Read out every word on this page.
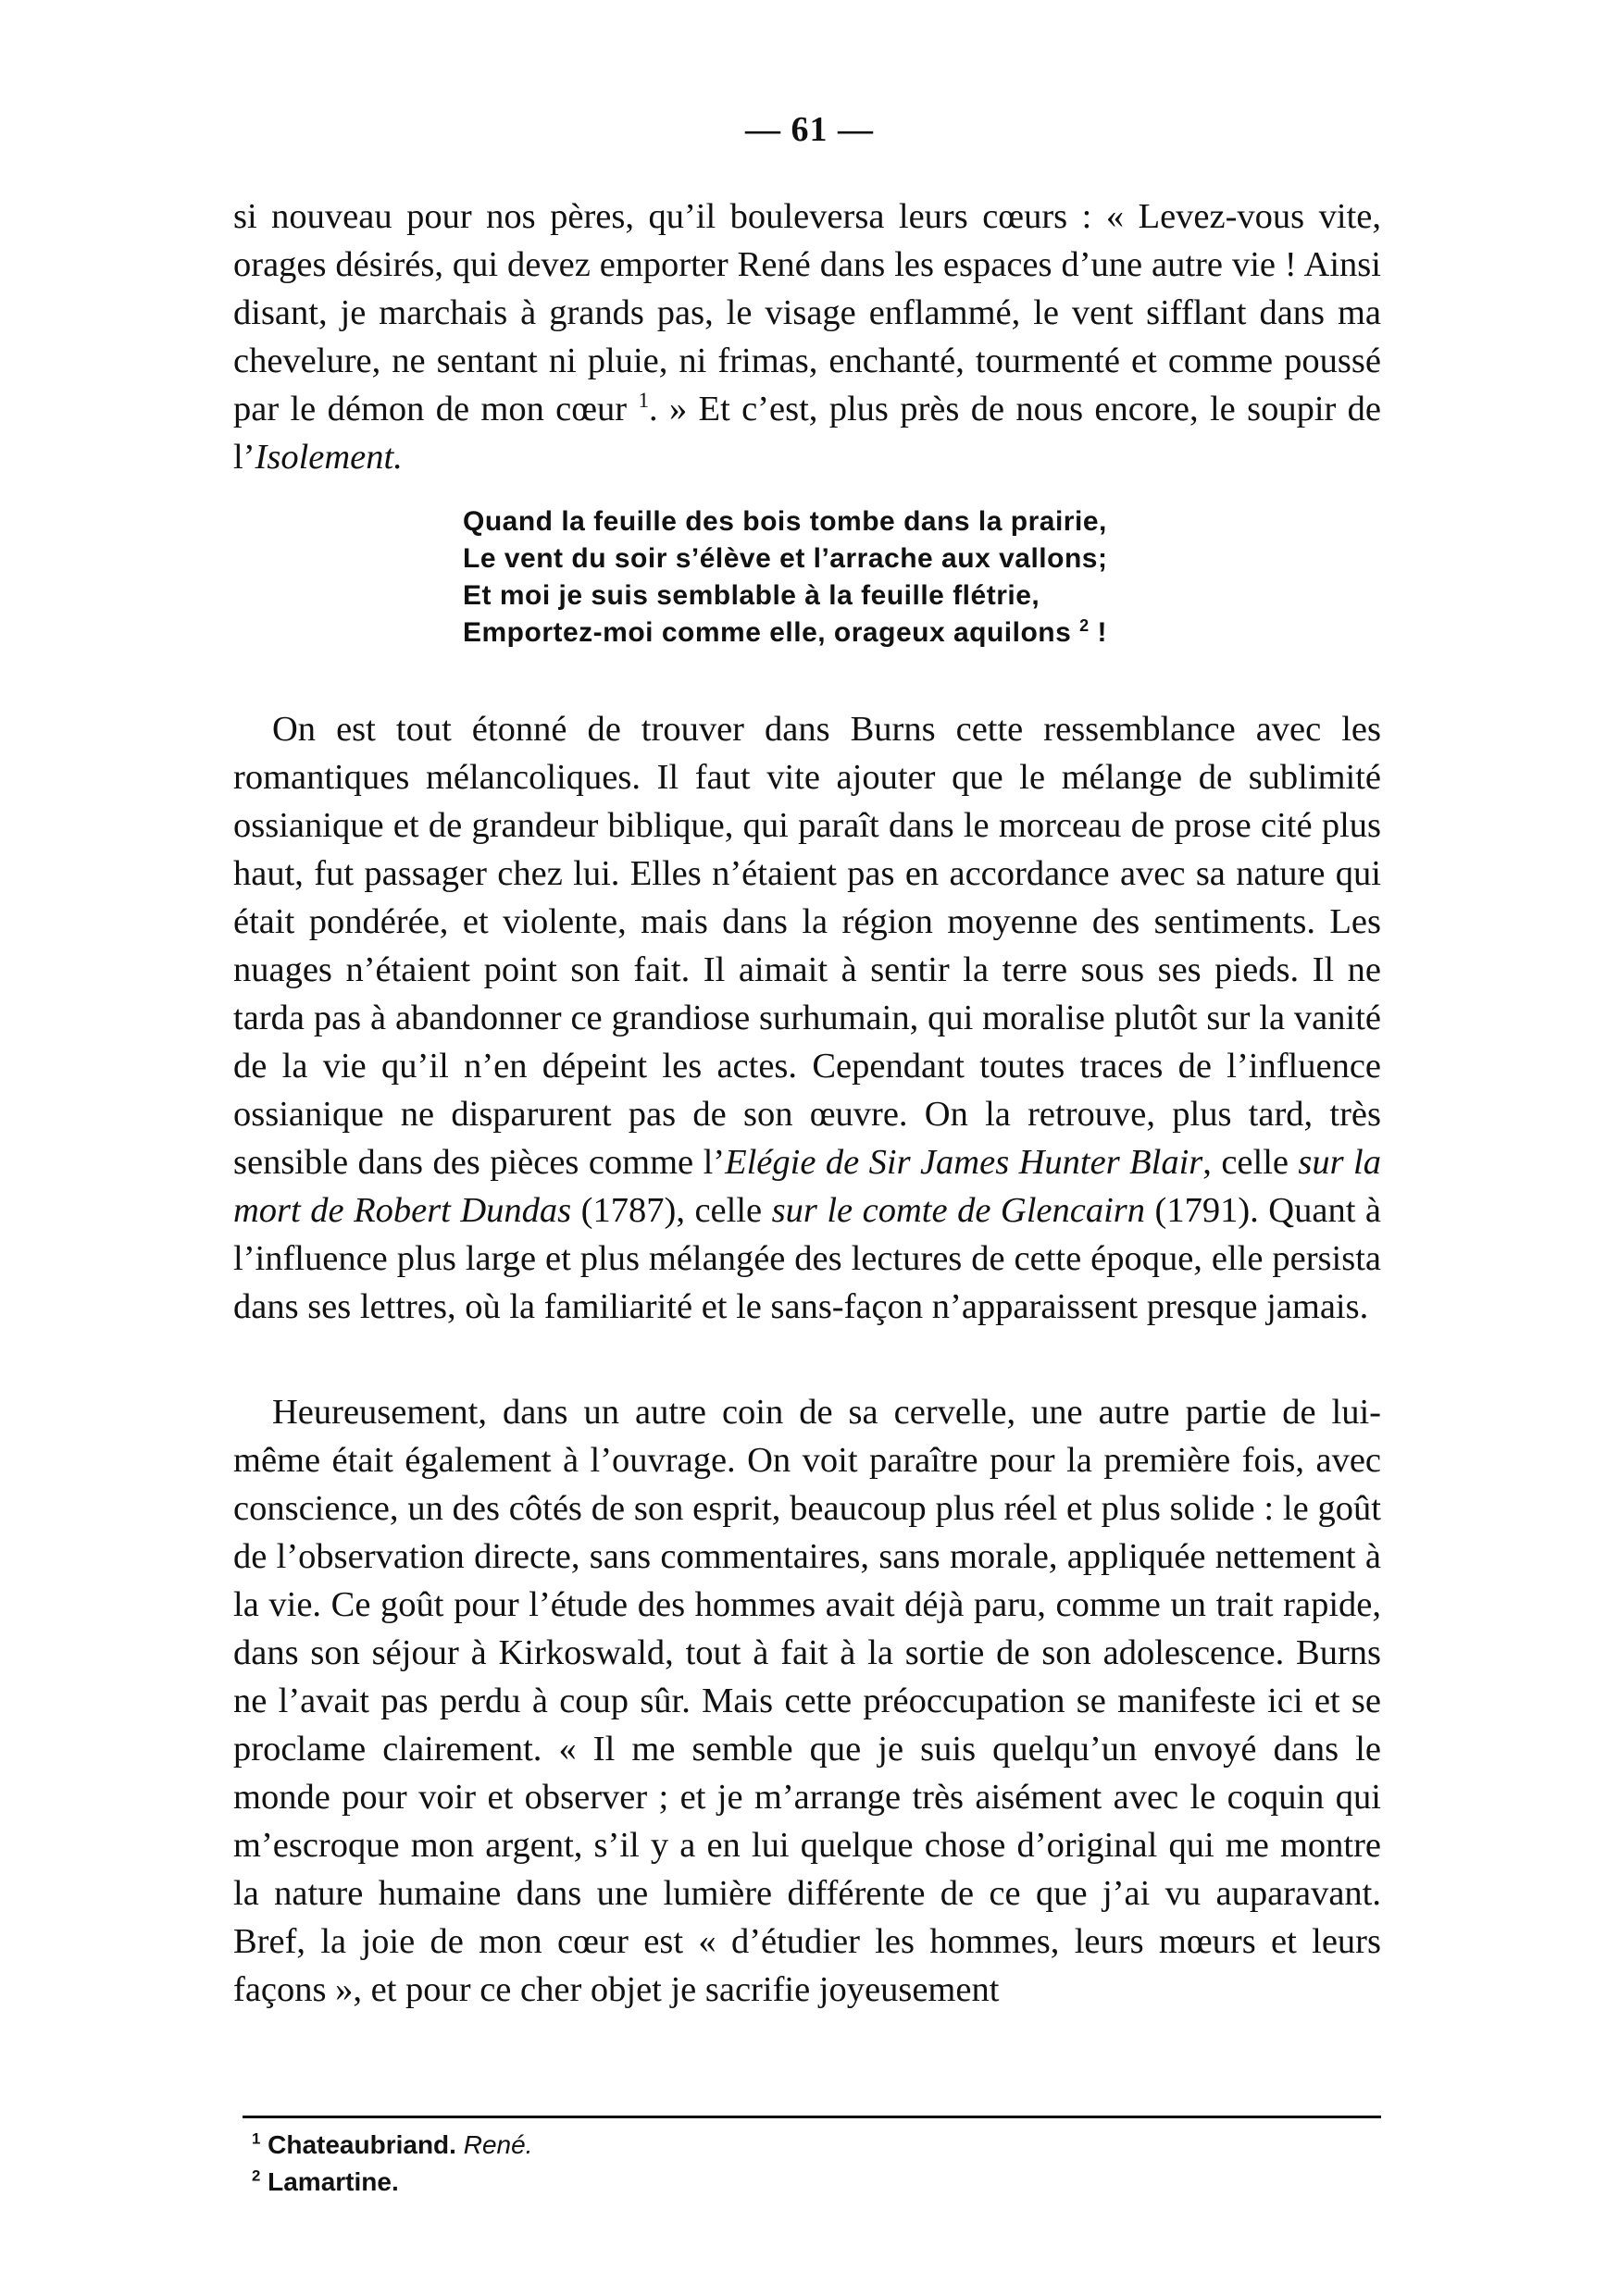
— 61 —

si nouveau pour nos pères, qu’il bouleversa leurs cœurs : « Levez-vous vite, orages désirés, qui devez emporter René dans les espaces d’une autre vie ! Ainsi disant, je marchais à grands pas, le visage enflammé, le vent sifflant dans ma chevelure, ne sentant ni pluie, ni frimas, enchanté, tourmenté et comme poussé par le démon de mon cœur $^1$. » Et c’est, plus près de nous encore, le soupir de l’Isolement.

Quand la feuille des bois tombe dans la prairie,
Le vent du soir s’élève et l’arrache aux vallons;
Et moi je suis semblable à la feuille flétrie,
Emportez-moi comme elle, orageux aquilons $^2$ !

On est tout étonné de trouver dans Burns cette ressemblance avec les romantiques mélancoliques. Il faut vite ajouter que le mélange de sublimité ossianique et de grandeur biblique, qui paraît dans le morceau de prose cité plus haut, fut passager chez lui. Elles n’étaient pas en accordance avec sa nature qui était pondérée, et violente, mais dans la région moyenne des sentiments. Les nuages n’étaient point son fait. Il aimait à sentir la terre sous ses pieds. Il ne tarda pas à abandonner ce grandiose surhumain, qui moralise plutôt sur la vanité de la vie qu’il n’en dépeint les actes. Cependant toutes traces de l’influence ossianique ne disparurent pas de son œuvre. On la retrouve, plus tard, très sensible dans des pièces comme l’Elégie de Sir James Hunter Blair, celle sur la mort de Robert Dundas (1787), celle sur le comte de Glencairn (1791). Quant à l’influence plus large et plus mélangée des lectures de cette époque, elle persista dans ses lettres, où la familiarité et le sans-façon n’apparaissent presque jamais.

Heureusement, dans un autre coin de sa cervelle, une autre partie de lui-même était également à l’ouvrage. On voit paraître pour la première fois, avec conscience, un des côtés de son esprit, beaucoup plus réel et plus solide : le goût de l’observation directe, sans commentaires, sans morale, appliquée nettement à la vie. Ce goût pour l’étude des hommes avait déjà paru, comme un trait rapide, dans son séjour à Kirkoswald, tout à fait à la sortie de son adolescence. Burns ne l’avait pas perdu à coup sûr. Mais cette préoccupation se manifeste ici et se proclame clairement. « Il me semble que je suis quelqu’un envoyé dans le monde pour voir et observer ; et je m’arrange très aisément avec le coquin qui m’escroque mon argent, s’il y a en lui quelque chose d’original qui me montre la nature humaine dans une lumière différente de ce que j’ai vu auparavant. Bref, la joie de mon cœur est « d’étudier les hommes, leurs mœurs et leurs façons », et pour ce cher objet je sacrifie joyeusement

$^1$ Chateaubriand. René.
$^2$ Lamartine.
